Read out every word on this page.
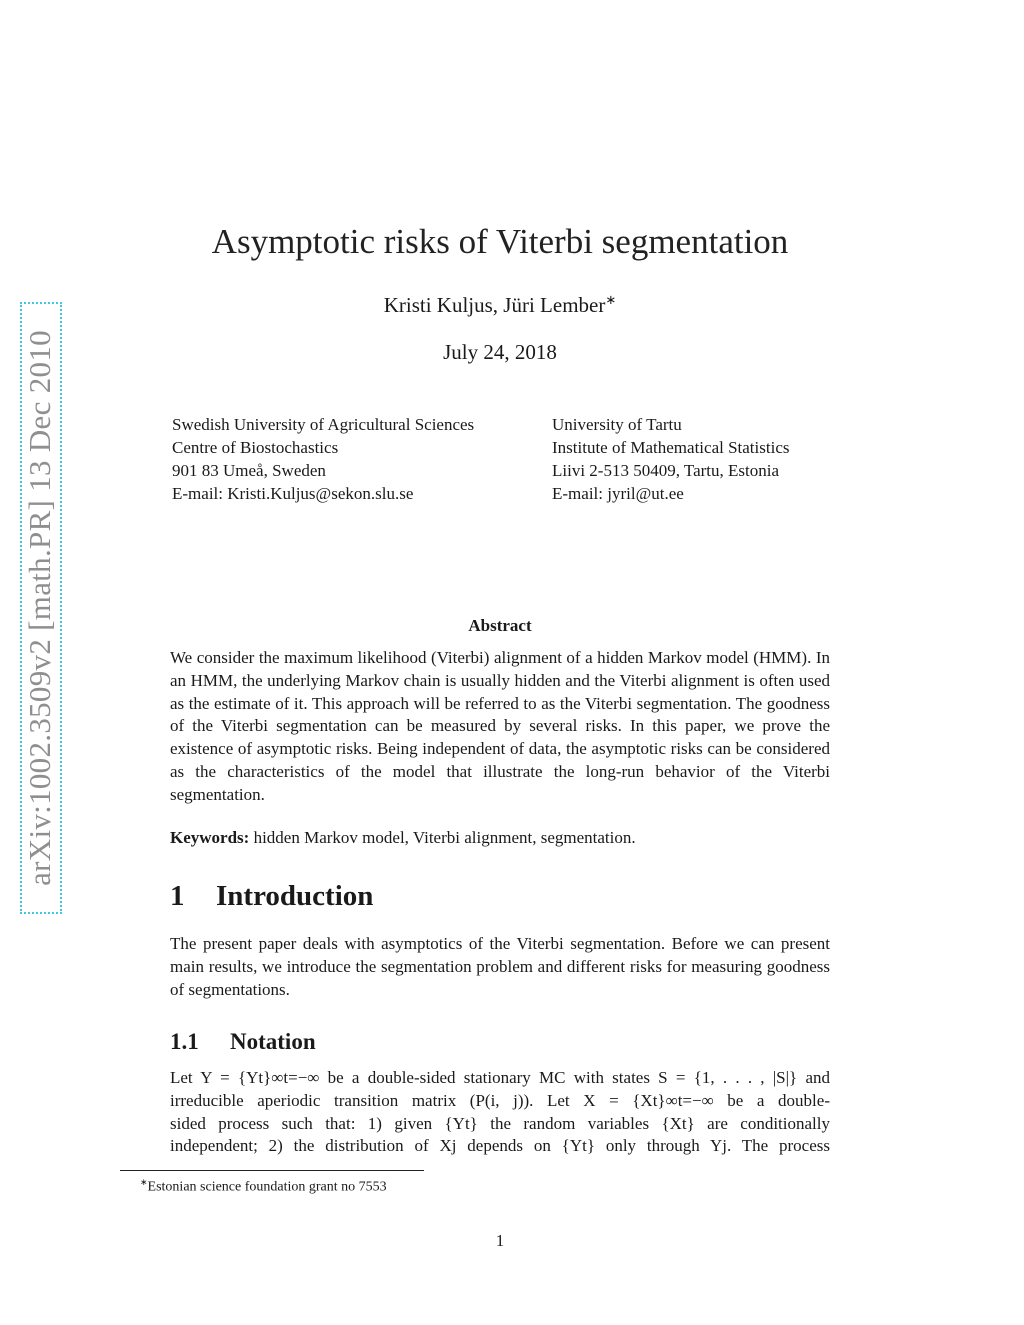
arXiv:1002.3509v2 [math.PR] 13 Dec 2010
Asymptotic risks of Viterbi segmentation
Kristi Kuljus, Jüri Lember∗
July 24, 2018
Swedish University of Agricultural Sciences
Centre of Biostochastics
901 83 Umeå, Sweden
E-mail: Kristi.Kuljus@sekon.slu.se
University of Tartu
Institute of Mathematical Statistics
Liivi 2-513 50409, Tartu, Estonia
E-mail: jyril@ut.ee
Abstract
We consider the maximum likelihood (Viterbi) alignment of a hidden Markov model (HMM). In an HMM, the underlying Markov chain is usually hidden and the Viterbi alignment is often used as the estimate of it. This approach will be referred to as the Viterbi segmentation. The goodness of the Viterbi segmentation can be measured by several risks. In this paper, we prove the existence of asymptotic risks. Being independent of data, the asymptotic risks can be considered as the characteristics of the model that illustrate the long-run behavior of the Viterbi segmentation.
Keywords: hidden Markov model, Viterbi alignment, segmentation.
1 Introduction
The present paper deals with asymptotics of the Viterbi segmentation. Before we can present main results, we introduce the segmentation problem and different risks for measuring goodness of segmentations.
1.1 Notation
Let Y = {Yt}∞t=−∞ be a double-sided stationary MC with states S = {1, . . . , |S|} and
irreducible aperiodic transition matrix (P(i, j)). Let X = {Xt}∞t=−∞ be a double-
sided process such that: 1) given {Yt} the random variables {Xt} are conditionally
independent; 2) the distribution of Xj depends on {Yt} only through Yj. The process
∗Estonian science foundation grant no 7553
1
